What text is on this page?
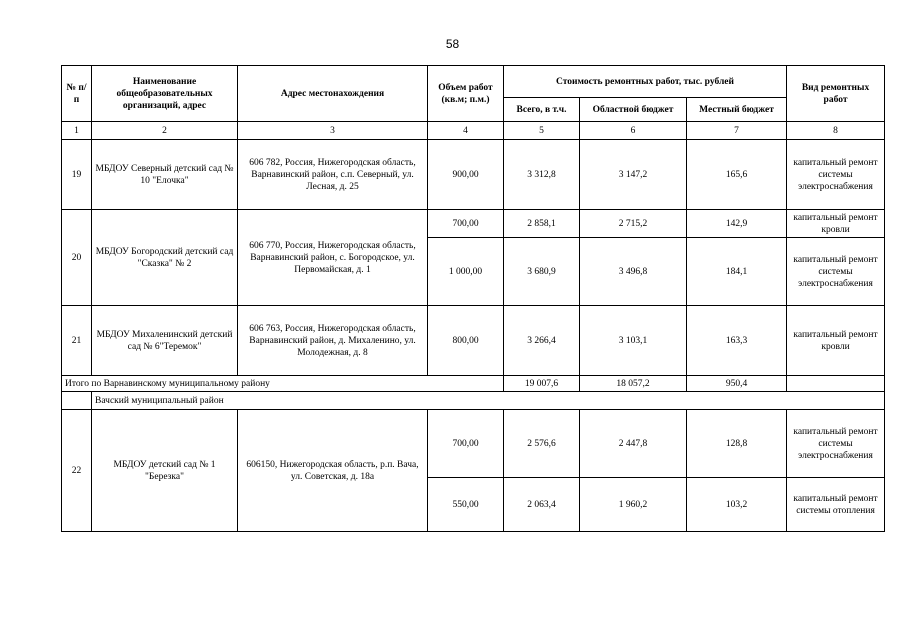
58
№ п/п	Наименование общеобразовательных организаций, адрес	Адрес местонахождения	Объем работ (кв.м; п.м.)	Стоимость ремонтных работ, тыс. рублей			Вид ремонтных работ
				Всего, в т.ч.	Областной бюджет	Местный бюджет	
1	2	3	4	5	6	7	8
19	МБДОУ Северный детский сад № 10 "Елочка"	606 782, Россия, Нижегородская область, Варнавинский район, с.п. Северный, ул. Лесная, д. 25	900,00	3 312,8	3 147,2	165,6	капитальный ремонт системы электроснабжения
20	МБДОУ Богородский детский сад "Сказка" № 2	606 770, Россия, Нижегородская область, Варнавинский район, с. Богородское, ул. Первомайская, д. 1	700,00	2 858,1	2 715,2	142,9	капитальный ремонт кровли
			1 000,00	3 680,9	3 496,8	184,1	капитальный ремонт системы электроснабжения
21	МБДОУ Михаленинский детский сад № 6"Теремок"	606 763, Россия, Нижегородская область, Варнавинский район, д. Михаленино, ул. Молодежная, д. 8	800,00	3 266,4	3 103,1	163,3	капитальный ремонт кровли
Итого по Варнавинскому муниципальному району				19 007,6	18 057,2	950,4	
	Вачский муниципальный район						
22	МБДОУ детский сад № 1 "Березка"	606150, Нижегородская область, р.п. Вача, ул. Советская, д. 18а	700,00	2 576,6	2 447,8	128,8	капитальный ремонт системы электроснабжения
			550,00	2 063,4	1 960,2	103,2	капитальный ремонт системы отопления
